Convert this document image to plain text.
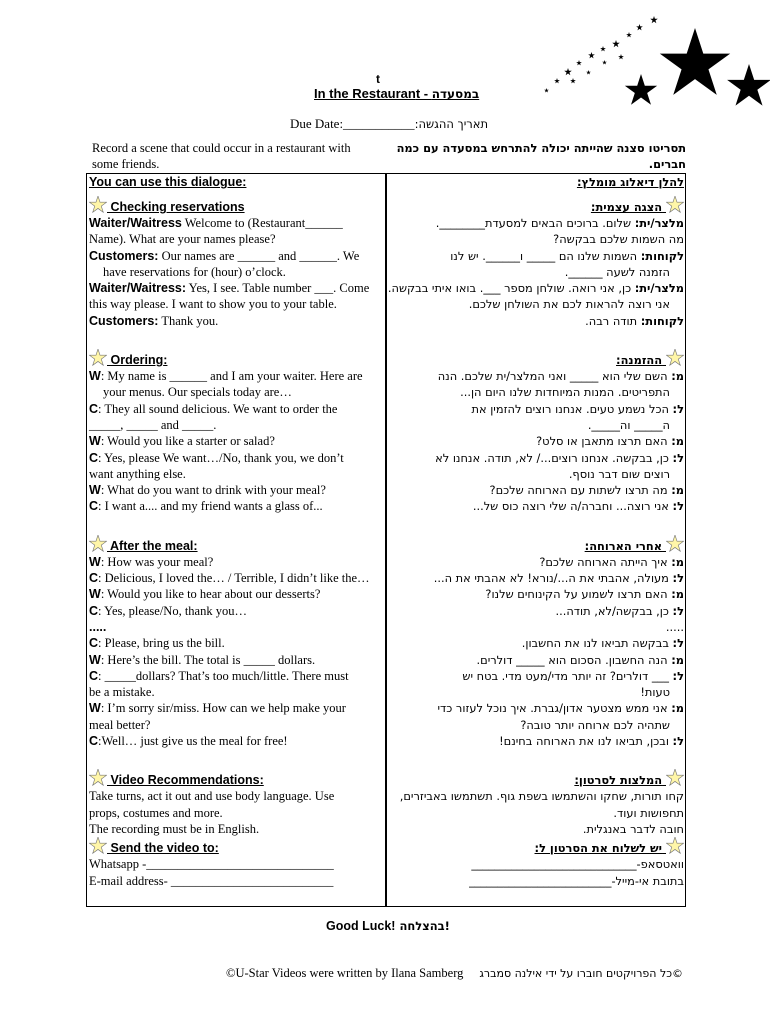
t
In the Restaurant - במסעדה
Due Date:___________:תאריך ההגשה
Record a scene that could occur in a restaurant with
some friends.
תסריטו סצנה שהייתה יכולה להתרחש במסעדה עם כמה
חברים.
You can use this dialogue:
Checking reservations
Waiter/Waitress Welcome to (Restaurant______
Name). What are your names please?
Customers: Our names are ______ and ______. We
have reservations for (hour) o’clock.
Waiter/Waitress: Yes, I see. Table number ___. Come
this way please. I want to show you to your table.
Customers: Thank you.
Ordering:
W: My name is ______ and I am your waiter. Here are
your menus. Our specials today are…
C: They all sound delicious. We want to order the
_____, _____ and _____.
W: Would you like a starter or salad?
C: Yes, please We want…/No, thank you, we don’t
want anything else.
W: What do you want to drink with your meal?
C: I want a.... and my friend wants a glass of...
After the meal:
W: How was your meal?
C: Delicious, I loved the… / Terrible, I didn’t like the…
W: Would you like to hear about our desserts?
C: Yes, please/No, thank you…
.....
C: Please, bring us the bill.
W: Here’s the bill. The total is _____ dollars.
C: _____dollars? That’s too much/little. There must
be a mistake.
W: I’m sorry sir/miss. How can we help make your
meal better?
C:Well… just give us the meal for free!
Video Recommendations:
Take turns, act it out and use body language. Use
props, costumes and more.
The recording must be in English.
Send the video to:
Whatsapp -______________________________
E-mail address- __________________________
להלן דיאלוג מומלץ:
הצגה עצמית:
מלצר/ית: שלום. ברוכים הבאים למסעדת________.
מה השמות שלכם בבקשה?
לקוחות: השמות שלנו הם _____ ו______. יש לנו
הזמנה לשעה ______.
מלצר/ית: כן, אני רואה. שולחן מספר ___. בואו איתי בבקשה.
אני רוצה להראות לכם את השולחן שלכם.
לקוחות: תודה רבה.
ההזמנה:
מ: השם שלי הוא _____ ואני המלצר/ית שלכם. הנה
התפריטים. המנות המיוחדות שלנו היום הן...
ל: הכל נשמע טעים. אנחנו רוצים להזמין את
ה_____ וה_____.
מ: האם תרצו מתאבן או סלט?
ל: כן, בבקשה. אנחנו רוצים.../ לא, תודה. אנחנו לא
רוצים שום דבר נוסף.
מ: מה תרצו לשתות עם הארוחה שלכם?
ל: אני רוצה... וחברה/ה שלי רוצה כוס של...
אחרי הארוחה:
מ: איך הייתה הארוחה שלכם?
ל: מעולה, אהבתי את ה.../נורא! לא אהבתי את ה...
מ: האם תרצו לשמוע על הקינוחים שלנו?
ל: כן, בבקשה/לא, תודה...
.....
ל: בבקשה תביאו לנו את החשבון.
מ: הנה החשבון. הסכום הוא _____ דולרים.
ל: ___ דולרים? זה יותר מדי/מעט מדי. בטח יש
טעות!
מ: אני ממש מצטער אדון/גברת. איך נוכל לעזור כדי
שתהיה לכם ארוחה יותר טובה?
ל: ובכן, תביאו לנו את הארוחה בחינם!
המלצות לסרטון:
קחו תורות, שחקו והשתמשו בשפת גוף. תשתמשו באביזרים,
תחפושות ועוד.
חובה לדבר באנגלית.
יש לשלוח את הסרטון ל:
וואטסאפ-_____________________________
בתובת אי-מייל-_________________________
Good Luck! בהצלחה!
©U-Star Videos were written by Ilana Samberg ©כל הפרויקטים חוברו על ידי אילנה סמברג
